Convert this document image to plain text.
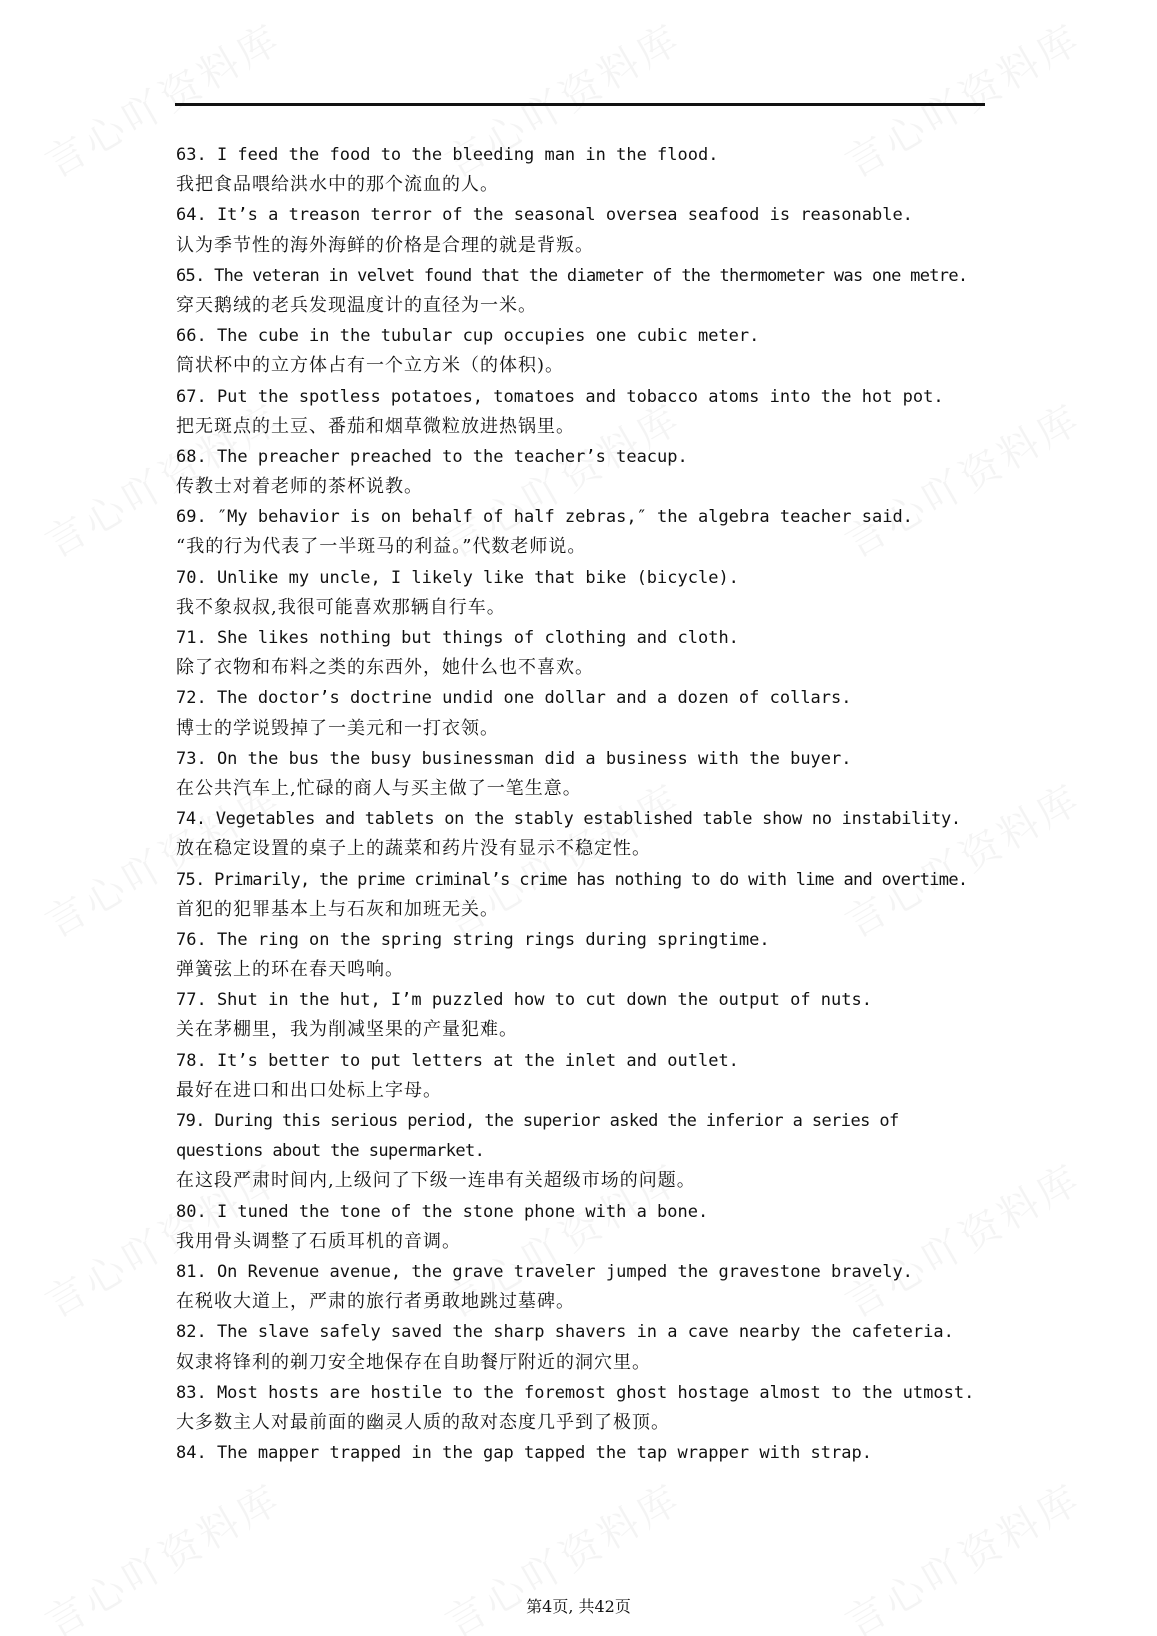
63. I feed the food to the bleeding man in the flood.
我把食品喂给洪水中的那个流血的人。
64. It’s a treason terror of the seasonal oversea seafood is reasonable.
认为季节性的海外海鲜的价格是合理的就是背叛。
65. The veteran in velvet found that the diameter of the thermometer was one metre.
穿天鹅绒的老兵发现温度计的直径为一米。
66. The cube in the tubular cup occupies one cubic meter.
筒状杯中的立方体占有一个立方米（的体积)。
67. Put the spotless potatoes, tomatoes and tobacco atoms into the hot pot.
把无斑点的土豆、番茄和烟草微粒放进热锅里。
68. The preacher preached to the teacher’s teacup.
传教士对着老师的茶杯说教。
69. ″My behavior is on behalf of half zebras,″ the algebra teacher said.
“我的行为代表了一半斑马的利益。”代数老师说。
70. Unlike my uncle, I likely like that bike (bicycle).
我不象叔叔,我很可能喜欢那辆自行车。
71. She likes nothing but things of clothing and cloth.
除了衣物和布料之类的东西外，她什么也不喜欢。
72. The doctor’s doctrine undid one dollar and a dozen of collars.
博士的学说毁掉了一美元和一打衣领。
73. On the bus the busy businessman did a business with the buyer.
在公共汽车上,忙碌的商人与买主做了一笔生意。
74. Vegetables and tablets on the stably established table show no instability.
放在稳定设置的桌子上的蔬菜和药片没有显示不稳定性。
75. Primarily, the prime criminal’s crime has nothing to do with lime and overtime.
首犯的犯罪基本上与石灰和加班无关。
76. The ring on the spring string rings during springtime.
弹簧弦上的环在春天鸣响。
77. Shut in the hut, I’m puzzled how to cut down the output of nuts.
关在茅棚里，我为削减坚果的产量犯难。
78. It’s better to put letters at the inlet and outlet.
最好在进口和出口处标上字母。
79. During this serious period, the superior asked the inferior a series of questions about the supermarket.
在这段严肃时间内,上级问了下级一连串有关超级市场的问题。
80. I tuned the tone of the stone phone with a bone.
我用骨头调整了石质耳机的音调。
81. On Revenue avenue, the grave traveler jumped the gravestone bravely.
在税收大道上，严肃的旅行者勇敢地跳过墓碑。
82. The slave safely saved the sharp shavers in a cave nearby the cafeteria.
奴隶将锋利的剃刀安全地保存在自助餐厅附近的洞穴里。
83. Most hosts are hostile to the foremost ghost hostage almost to the utmost.
大多数主人对最前面的幽灵人质的敌对态度几乎到了极顶。
84. The mapper trapped in the gap tapped the tap wrapper with strap.
第4页, 共42页
